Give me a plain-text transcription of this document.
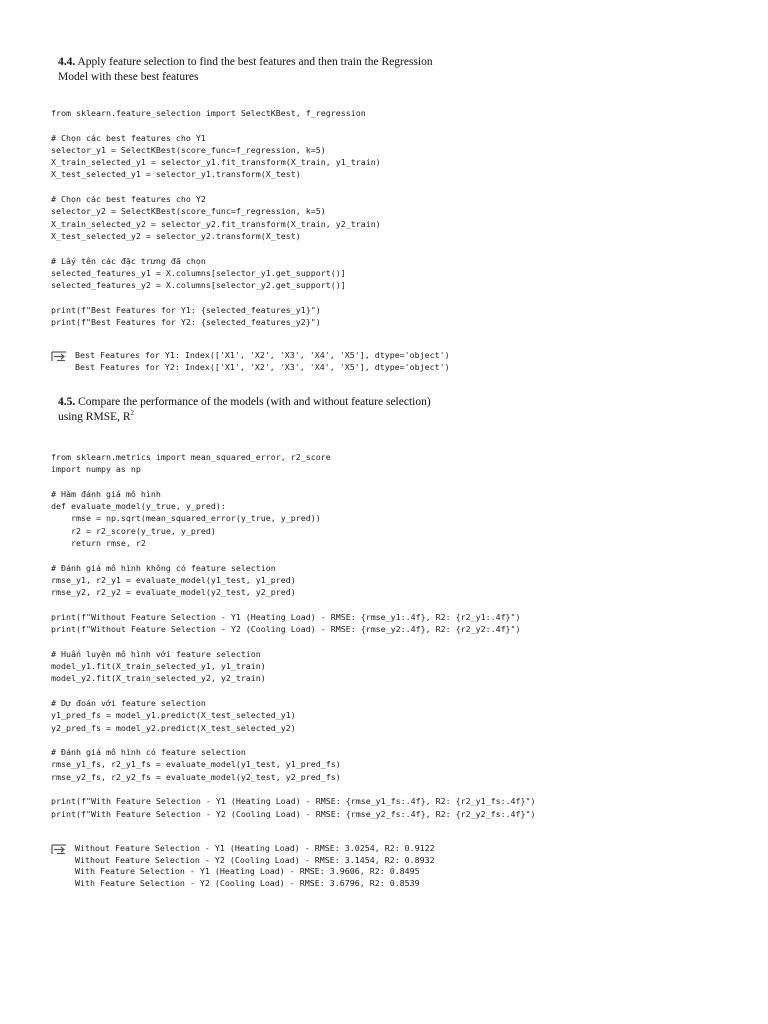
4.4. Apply feature selection to find the best features and then train the Regression Model with these best features

from sklearn.feature_selection import SelectKBest, f_regression
# Chọn các best features cho Y1
selector_y1 = SelectKBest(score_func=f_regression, k=5)
X_train_selected_y1 = selector_y1.fit_transform(X_train, y1_train)
X_test_selected_y1 = selector_y1.transform(X_test)
# Chọn các best features cho Y2
selector_y2 = SelectKBest(score_func=f_regression, k=5)
X_train_selected_y2 = selector_y2.fit_transform(X_train, y2_train)
X_test_selected_y2 = selector_y2.transform(X_test)
# Lấy tên các đặc trưng đã chọn
selected_features_y1 = X.columns[selector_y1.get_support()]
selected_features_y2 = X.columns[selector_y2.get_support()]
print(f"Best Features for Y1: {selected_features_y1}")
print(f"Best Features for Y2: {selected_features_y2}")
Best Features for Y1: Index(['X1', 'X2', 'X3', 'X4', 'X5'], dtype='object')
Best Features for Y2: Index(['X1', 'X2', 'X3', 'X4', 'X5'], dtype='object')

4.5. Compare the performance of the models (with and without feature selection) using RMSE, $R^2$

from sklearn.metrics import mean_squared_error, r2_score
import numpy as np
# Hàm đánh giá mô hình
def evaluate_model(y_true, y_pred):
rmse = np.sqrt(mean_squared_error(y_true, y_pred))
r2 = r2_score(y_true, y_pred)
return rmse, r2
# Đánh giá mô hình không có feature selection
rmse_y1, r2_y1 = evaluate_model(y1_test, y1_pred)
rmse_y2, r2_y2 = evaluate_model(y2_test, y2_pred)
print(f"Without Feature Selection - Y1 (Heating Load) - RMSE: {rmse_y1:.4f}, R2: {r2_y1:.4f}")
print(f"Without Feature Selection - Y2 (Cooling Load) - RMSE: {rmse_y2:.4f}, R2: {r2_y2:.4f}")
# Huấn luyện mô hình với feature selection
model_y1.fit(X_train_selected_y1, y1_train)
model_y2.fit(X_train_selected_y2, y2_train)
# Dự đoán với feature selection
y1_pred_fs = model_y1.predict(X_test_selected_y1)
y2_pred_fs = model_y2.predict(X_test_selected_y2)
# Đánh giá mô hình có feature selection
rmse_y1_fs, r2_y1_fs = evaluate_model(y1_test, y1_pred_fs)
rmse_y2_fs, r2_y2_fs = evaluate_model(y2_test, y2_pred_fs)
print(f"With Feature Selection - Y1 (Heating Load) - RMSE: {rmse_y1_fs:.4f}, R2: {r2_y1_fs:.4f}")
print(f"With Feature Selection - Y2 (Cooling Load) - RMSE: {rmse_y2_fs:.4f}, R2: {r2_y2_fs:.4f}")
Without Feature Selection - Y1 (Heating Load) - RMSE: 3.0254, R2: 0.9122
Without Feature Selection - Y2 (Cooling Load) - RMSE: 3.1454, R2: 0.8932
With Feature Selection - Y1 (Heating Load) - RMSE: 3.9606, R2: 0.8495
With Feature Selection - Y2 (Cooling Load) - RMSE: 3.6796, R2: 0.8539
